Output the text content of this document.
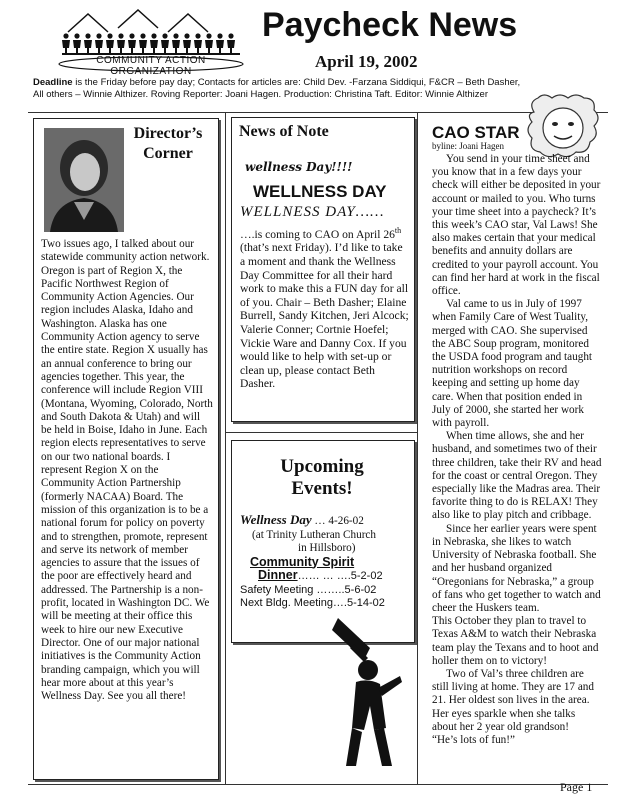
COMMUNITY ACTION ORGANIZATION
Paycheck News
April 19, 2002
Deadline is the Friday before pay day; Contacts for articles are: Child Dev. -Farzana Siddiqui, F&CR – Beth Dasher,
All others – Winnie Althizer. Roving Reporter: Joani Hagen. Production: Christina Taft. Editor: Winnie Althizer
Director’s
Corner
Two issues ago, I talked about our statewide community action network. Oregon is part of Region X, the Pacific Northwest Region of Community Action Agencies. Our region includes Alaska, Idaho and Washington. Alaska has one Community Action agency to serve the entire state. Region X usually has an annual conference to bring our agencies together. This year, the conference will include Region VIII (Montana, Wyoming, Colorado, North and South Dakota & Utah) and will be held in Boise, Idaho in June. Each region elects representatives to serve on our two national boards. I represent Region X on the Community Action Partnership (formerly NACAA) Board. The mission of this organization is to be a national forum for policy on poverty and to strengthen, promote, represent and serve its network of member agencies to assure that the issues of the poor are effectively heard and addressed. The Partnership is a non-profit, located in Washington DC. We will be meeting at their office this week to hire our new Executive Director. One of our major national initiatives is the Community Action branding campaign, which you will hear more about at this year’s Wellness Day. See you all there!
News of Note
wellness Day!!!!
WELLNESS DAY
WELLNESS DAY……
….is coming to CAO on April 26th (that’s next Friday). I’d like to take a moment and thank the Wellness Day Committee for all their hard work to make this a FUN day for all of you. Chair – Beth Dasher; Elaine Burrell, Sandy Kitchen, Jeri Alcock; Valerie Conner; Cortnie Hoefel; Vickie Ware and Danny Cox. If you would like to help with set-up or clean up, please contact Beth Dasher.
Upcoming
Events!
Wellness Day … 4-26-02
(at Trinity Lutheran Church
in Hillsboro)
Community Spirit
Dinner…… … ….5-2-02
Safety Meeting ……..5-6-02
Next Bldg. Meeting….5-14-02
CAO STAR
byline: Joani Hagen

You send in your time sheet and you know that in a few days your check will either be deposited in your account or mailed to you. Who turns your time sheet into a paycheck? It’s this week’s CAO star, Val Laws! She also makes certain that your medical benefits and annuity dollars are credited to your payroll account. You can find her hard at work in the fiscal office.

Val came to us in July of 1997 when Family Care of West Tuality, merged with CAO. She supervised the ABC Soup program, monitored the USDA food program and taught nutrition workshops on record keeping and setting up home day care. When that position ended in July of 2000, she started her work with payroll.

When time allows, she and her husband, and sometimes two of their three children, take their RV and head for the coast or central Oregon. They especially like the Madras area. Their favorite thing to do is RELAX! They also like to play pitch and cribbage.

Since her earlier years were spent in Nebraska, she likes to watch University of Nebraska football. She and her husband organized “Oregonians for Nebraska,” a group of fans who get together to watch and cheer the Huskers team.

This October they plan to travel to Texas A&M to watch their Nebraska team play the Texans and to hoot and holler them on to victory!

Two of Val’s three children are still living at home. They are 17 and 21. Her oldest son lives in the area. Her eyes sparkle when she talks about her 2 year old grandson!

“He’s lots of fun!”

Page 1
